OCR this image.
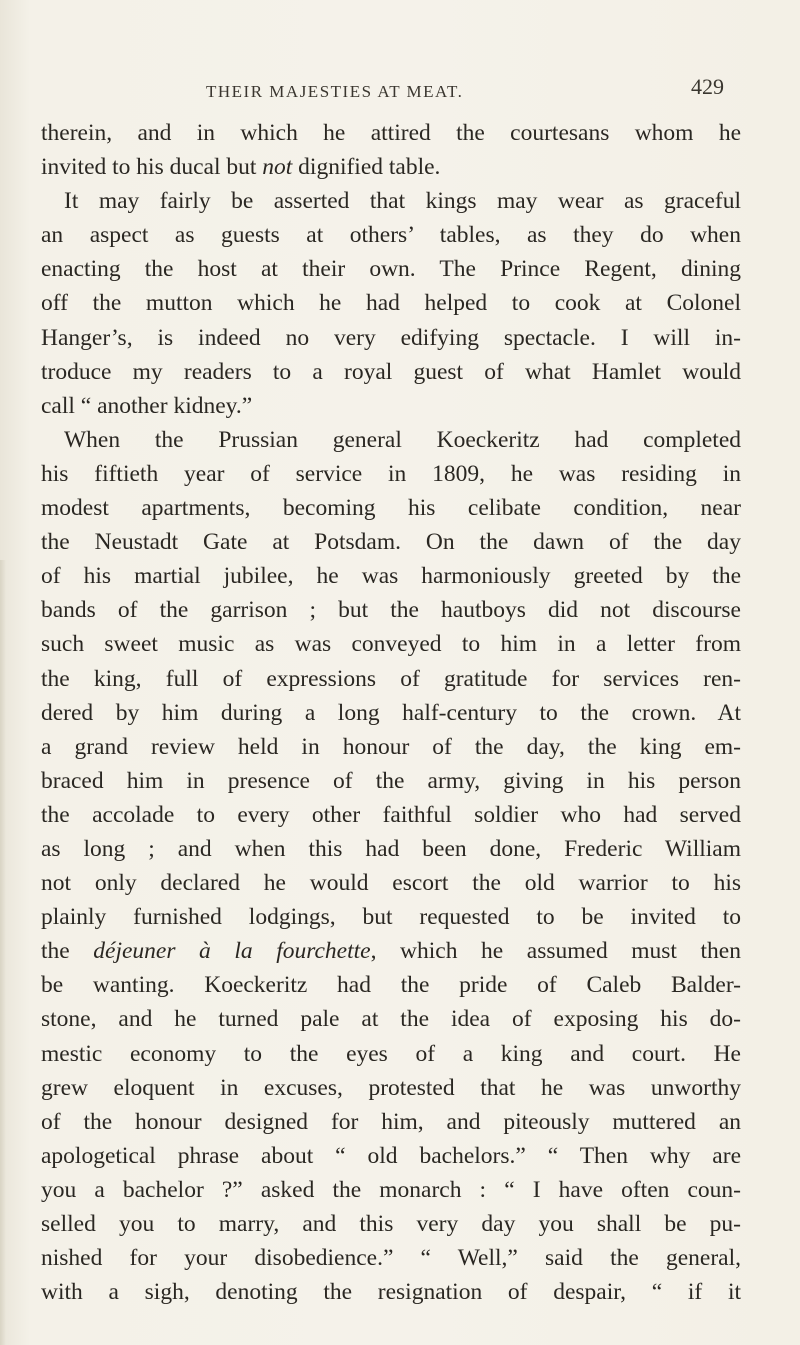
THEIR MAJESTIES AT MEAT.	429
therein, and in which he attired the courtesans whom he
invited to his ducal but not dignified table.
It may fairly be asserted that kings may wear as graceful
an aspect as guests at others’ tables, as they do when
enacting the host at their own. The Prince Regent, dining
off the mutton which he had helped to cook at Colonel
Hanger’s, is indeed no very edifying spectacle. I will in-
troduce my readers to a royal guest of what Hamlet would
call “ another kidney.”
When the Prussian general Koeckeritz had completed
his fiftieth year of service in 1809, he was residing in
modest apartments, becoming his celibate condition, near
the Neustadt Gate at Potsdam. On the dawn of the day
of his martial jubilee, he was harmoniously greeted by the
bands of the garrison ; but the hautboys did not discourse
such sweet music as was conveyed to him in a letter from
the king, full of expressions of gratitude for services ren-
dered by him during a long half-century to the crown. At
a grand review held in honour of the day, the king em-
braced him in presence of the army, giving in his person
the accolade to every other faithful soldier who had served
as long ; and when this had been done, Frederic William
not only declared he would escort the old warrior to his
plainly furnished lodgings, but requested to be invited to
the déjeuner à la fourchette, which he assumed must then
be wanting. Koeckeritz had the pride of Caleb Balder-
stone, and he turned pale at the idea of exposing his do-
mestic economy to the eyes of a king and court. He
grew eloquent in excuses, protested that he was unworthy
of the honour designed for him, and piteously muttered an
apologetical phrase about “ old bachelors.” “ Then why are
you a bachelor ?” asked the monarch : “ I have often coun-
selled you to marry, and this very day you shall be pu-
nished for your disobedience.” “ Well,” said the general,
with a sigh, denoting the resignation of despair, “ if it
